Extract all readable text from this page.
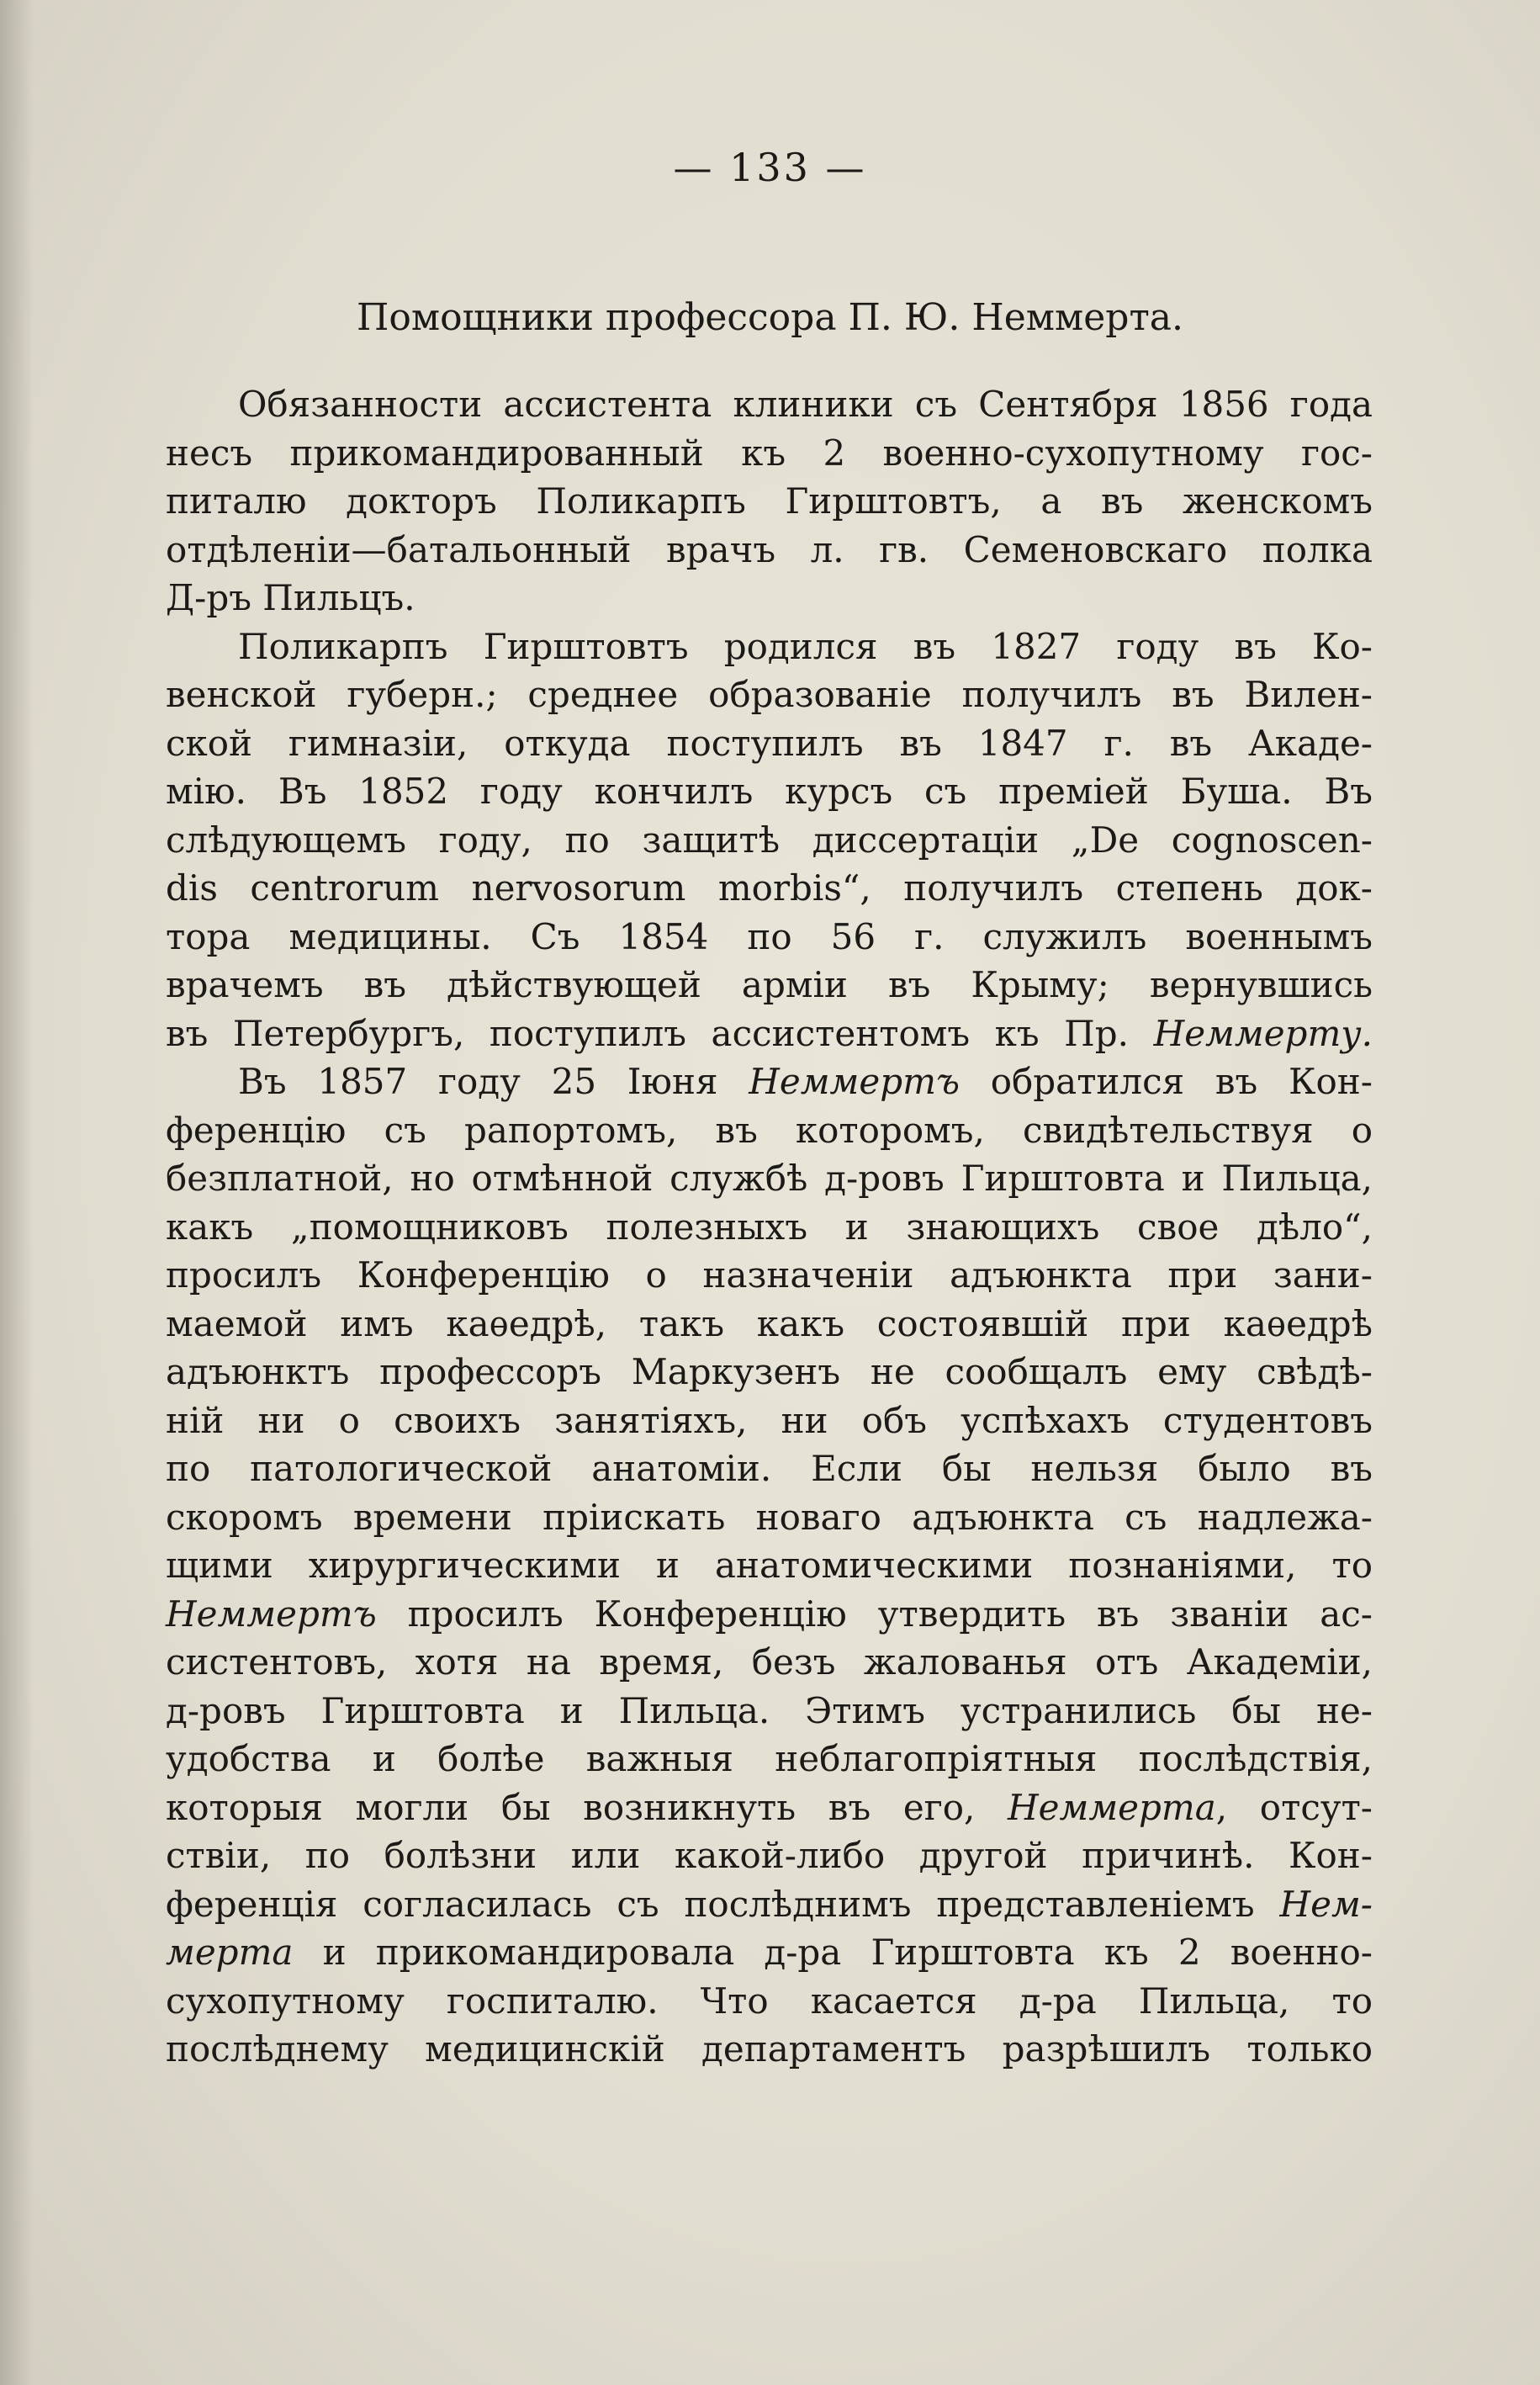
— 133 —
Помощники профессора П. Ю. Неммерта.
Обязанности ассистента клиники съ Сентября 1856 года
несъ прикомандированный къ 2 военно-сухопутному гос-
питалю докторъ Поликарпъ Гирштовтъ, а въ женскомъ
отдѣленіи—батальонный врачъ л. гв. Семеновскаго полка
Д-ръ Пильцъ.
Поликарпъ Гирштовтъ родился въ 1827 году въ Ко-
венской губерн.; среднее образованіе получилъ въ Вилен-
ской гимназіи, откуда поступилъ въ 1847 г. въ Акаде-
мію. Въ 1852 году кончилъ курсъ съ преміей Буша. Въ
слѣдующемъ году, по защитѣ диссертаціи „De cognoscen-
dis centrorum nervosorum morbis“, получилъ степень док-
тора медицины. Съ 1854 по 56 г. служилъ военнымъ
врачемъ въ дѣйствующей арміи въ Крыму; вернувшись
въ Петербургъ, поступилъ ассистентомъ къ Пр. Неммерту.
Въ 1857 году 25 Іюня Неммертъ обратился въ Кон-
ференцію съ рапортомъ, въ которомъ, свидѣтельствуя о
безплатной, но отмѣнной службѣ д-ровъ Гирштовта и Пильца,
какъ „помощниковъ полезныхъ и знающихъ свое дѣло“,
просилъ Конференцію о назначеніи адъюнкта при зани-
маемой имъ каѳедрѣ, такъ какъ состоявшій при каѳедрѣ
адъюнктъ профессоръ Маркузенъ не сообщалъ ему свѣдѣ-
ній ни о своихъ занятіяхъ, ни объ успѣхахъ студентовъ
по патологической анатоміи. Если бы нельзя было въ
скоромъ времени пріискать новаго адъюнкта съ надлежа-
щими хирургическими и анатомическими познаніями, то
Неммертъ просилъ Конференцію утвердить въ званіи ас-
систентовъ, хотя на время, безъ жалованья отъ Академіи,
д-ровъ Гирштовта и Пильца. Этимъ устранились бы не-
удобства и болѣе важныя неблагопріятныя послѣдствія,
которыя могли бы возникнуть въ его, Неммерта, отсут-
ствіи, по болѣзни или какой-либо другой причинѣ. Кон-
ференція согласилась съ послѣднимъ представленіемъ Нем-
мерта и прикомандировала д-ра Гирштовта къ 2 военно-
сухопутному госпиталю. Что касается д-ра Пильца, то
послѣднему медицинскій департаментъ разрѣшилъ только
